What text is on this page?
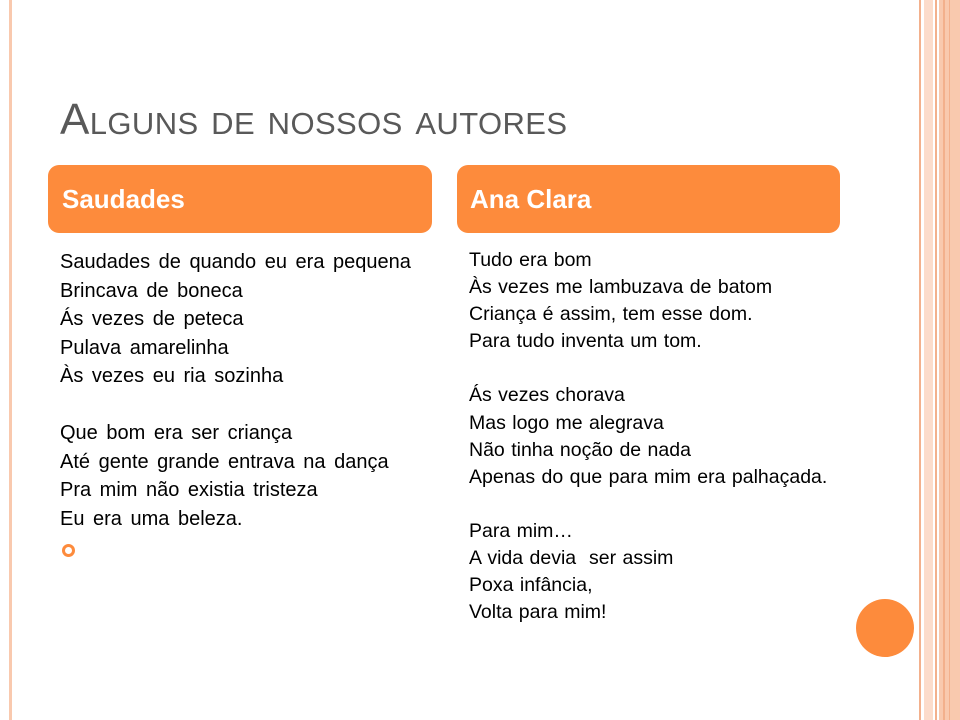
Alguns de nossos autores
Saudades	Ana Clara
Saudades de quando eu era pequena
Brincava de boneca
Ás vezes de peteca
Pulava amarelinha
Às vezes eu ria sozinha
Que bom era ser criança
Até gente grande entrava na dança
Pra mim não existia tristeza
Eu era uma beleza.
Tudo era bom
Às vezes me lambuzava de batom
Criança é assim, tem esse dom.
Para tudo inventa um tom.
Ás vezes chorava
Mas logo me alegrava
Não tinha noção de nada
Apenas do que para mim era palhaçada.
Para mim…
A vida devia  ser assim
Poxa infância,
Volta para mim!
